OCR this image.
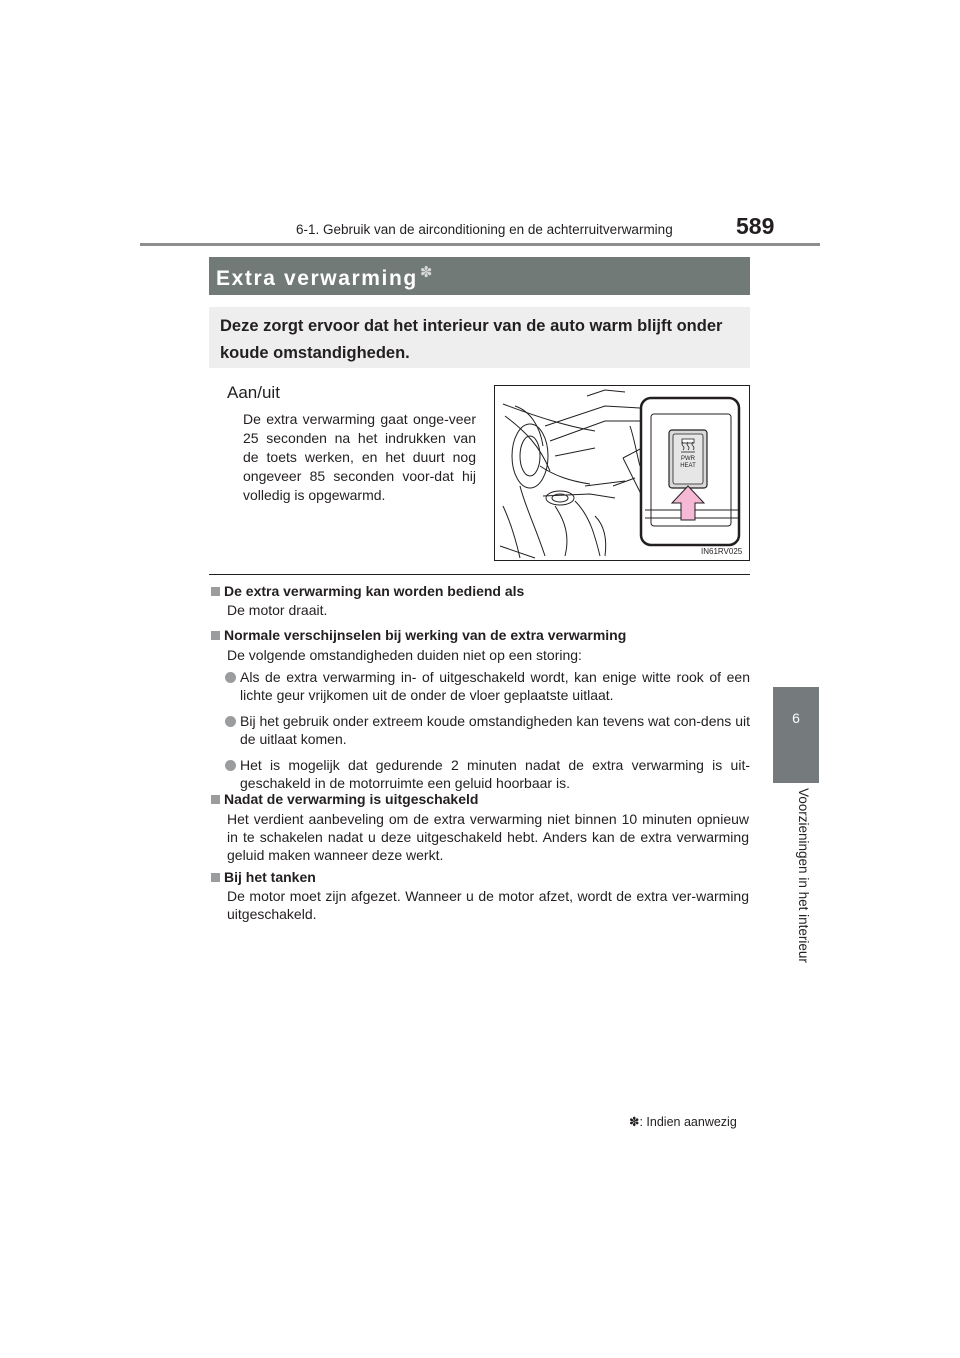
6-1. Gebruik van de airconditioning en de achterruitverwarming	589
6
Voorzieningen in het interieur
Extra verwarming ✽
Deze zorgt ervoor dat het interieur van de auto warm blijft onder koude omstandigheden.
Aan/uit
De extra verwarming gaat onge-veer 25 seconden na het indrukken van de toets werken, en het duurt nog ongeveer 85 seconden voor-dat hij volledig is opgewarmd.
PWR
HEAT
IN61RV025
De extra verwarming kan worden bediend als
De motor draait.
Normale verschijnselen bij werking van de extra verwarming
De volgende omstandigheden duiden niet op een storing:
Als de extra verwarming in- of uitgeschakeld wordt, kan enige witte rook of een lichte geur vrijkomen uit de onder de vloer geplaatste uitlaat.
Bij het gebruik onder extreem koude omstandigheden kan tevens wat con-dens uit de uitlaat komen.
Het is mogelijk dat gedurende 2 minuten nadat de extra verwarming is uit-geschakeld in de motorruimte een geluid hoorbaar is.
Nadat de verwarming is uitgeschakeld
Het verdient aanbeveling om de extra verwarming niet binnen 10 minuten opnieuw in te schakelen nadat u deze uitgeschakeld hebt. Anders kan de extra verwarming geluid maken wanneer deze werkt.
Bij het tanken
De motor moet zijn afgezet. Wanneer u de motor afzet, wordt de extra ver-warming uitgeschakeld.
✽: Indien aanwezig
